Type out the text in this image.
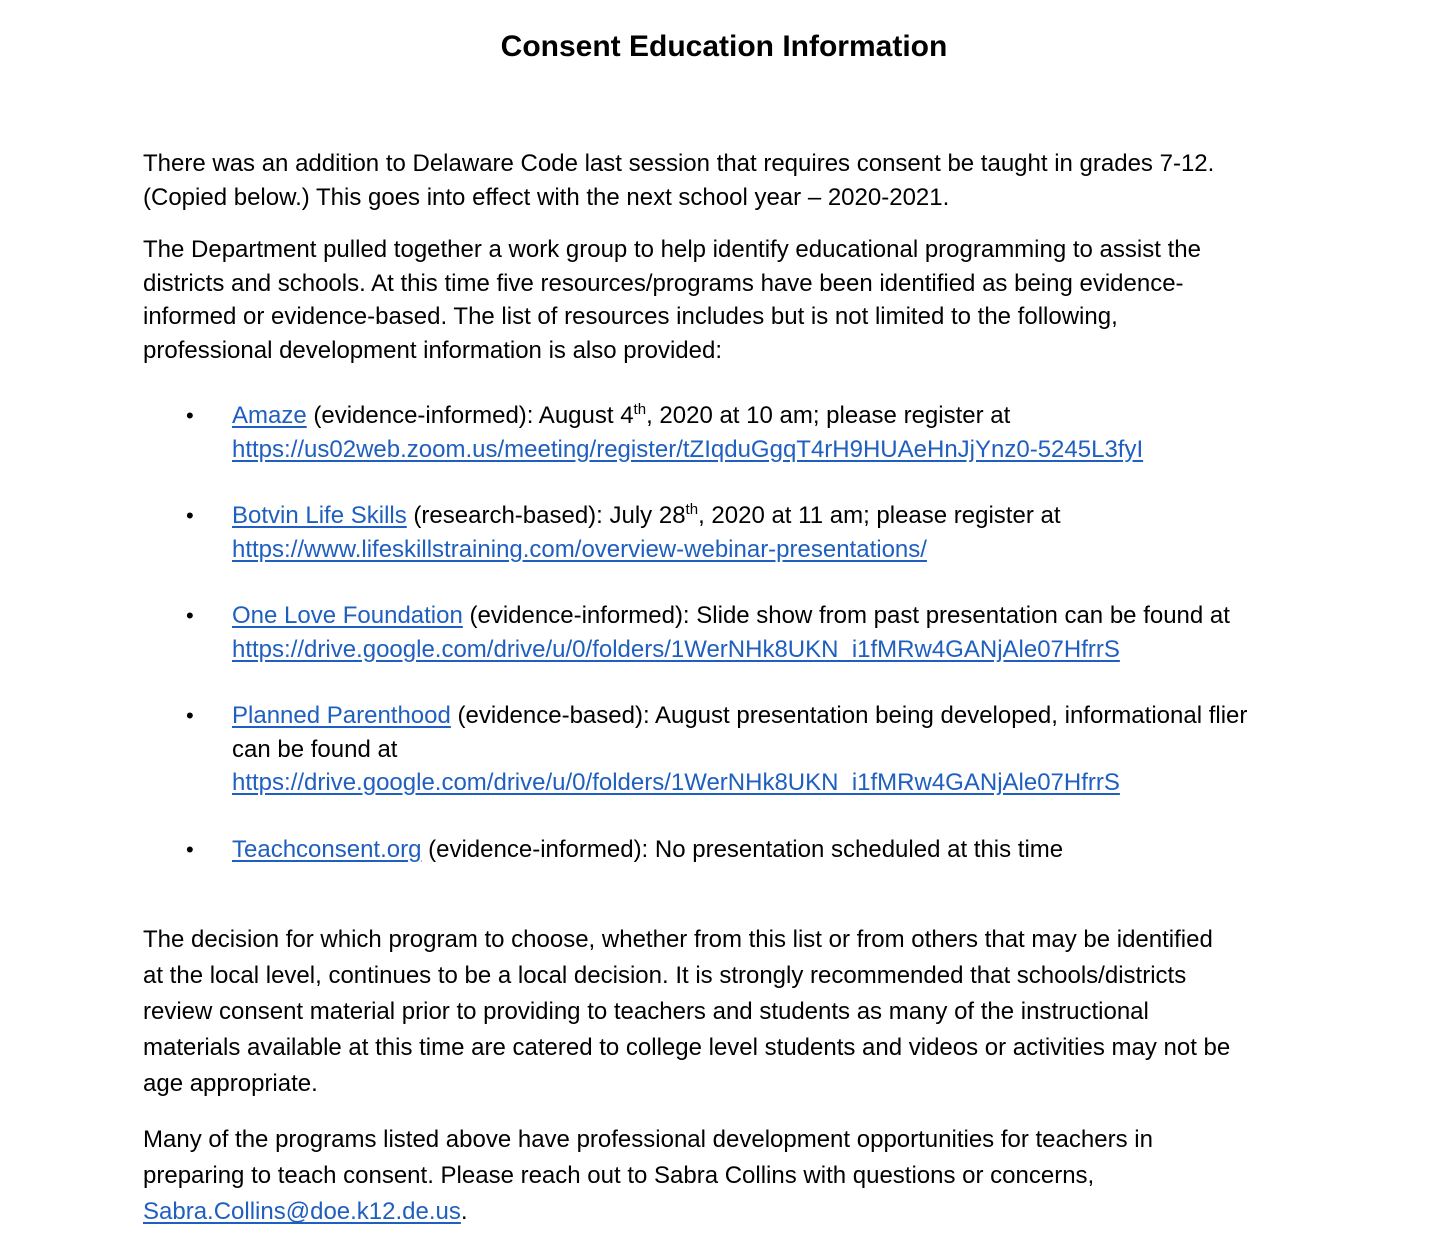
Consent Education Information

There was an addition to Delaware Code last session that requires consent be taught in grades 7-12.
(Copied below.) This goes into effect with the next school year – 2020-2021.

The Department pulled together a work group to help identify educational programming to assist the
districts and schools. At this time five resources/programs have been identified as being evidence-
informed or evidence-based. The list of resources includes but is not limited to the following,
professional development information is also provided:

•	Amaze (evidence-informed): August 4th, 2020 at 10 am; please register at
https://us02web.zoom.us/meeting/register/tZIqduGgqT4rH9HUAeHnJjYnz0-5245L3fyI
•	Botvin Life Skills (research-based): July 28th, 2020 at 11 am; please register at
https://www.lifeskillstraining.com/overview-webinar-presentations/
•	One Love Foundation (evidence-informed): Slide show from past presentation can be found at
https://drive.google.com/drive/u/0/folders/1WerNHk8UKN_i1fMRw4GANjAle07HfrrS
•	Planned Parenthood (evidence-based): August presentation being developed, informational flier
can be found at
https://drive.google.com/drive/u/0/folders/1WerNHk8UKN_i1fMRw4GANjAle07HfrrS
•	Teachconsent.org (evidence-informed): No presentation scheduled at this time

The decision for which program to choose, whether from this list or from others that may be identified
at the local level, continues to be a local decision. It is strongly recommended that schools/districts
review consent material prior to providing to teachers and students as many of the instructional
materials available at this time are catered to college level students and videos or activities may not be
age appropriate.

Many of the programs listed above have professional development opportunities for teachers in
preparing to teach consent. Please reach out to Sabra Collins with questions or concerns,
Sabra.Collins@doe.k12.de.us.
